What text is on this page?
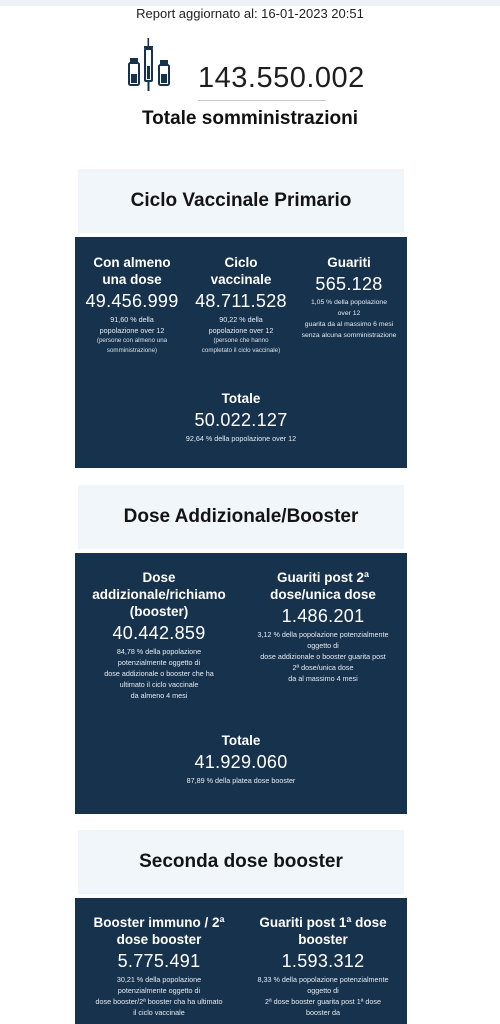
Report aggiornato al: 16-01-2023 20:51
143.550.002
Totale somministrazioni
Ciclo Vaccinale Primario
Con almeno
una dose
49.456.999
91,60 % della
popolazione over 12
(persone con almeno una
somministrazione)
Ciclo
vaccinale
48.711.528
90,22 % della
popolazione over 12
(persone che hanno
completato il ciclo vaccinale)
Guariti
565.128
1,05 % della popolazione
over 12
guarita da al massimo 6 mesi
senza alcuna somministrazione
Totale
50.022.127
92,64 % della popolazione over 12
Dose Addizionale/Booster
Dose
addizionale/richiamo
(booster)
40.442.859
84,78 % della popolazione
potenzialmente oggetto di
dose addizionale o booster che ha
ultimato il ciclo vaccinale
da almeno 4 mesi
Guariti post 2ª
dose/unica dose
1.486.201
3,12 % della popolazione potenzialmente
oggetto di
dose addizionale o booster guarita post
2ª dose/unica dose
da al massimo 4 mesi
Totale
41.929.060
87,89 % della platea dose booster
Seconda dose booster
Booster immuno / 2ª
dose booster
5.775.491
30,21 % della popolazione
potenzialmente oggetto di
dose booster/2ª booster cha ha ultimato
il ciclo vaccinale
Guariti post 1ª dose
booster
1.593.312
8,33 % della popolazione potenzialmente
oggetto di
2ª dose booster guarita post 1ª dose
booster da
